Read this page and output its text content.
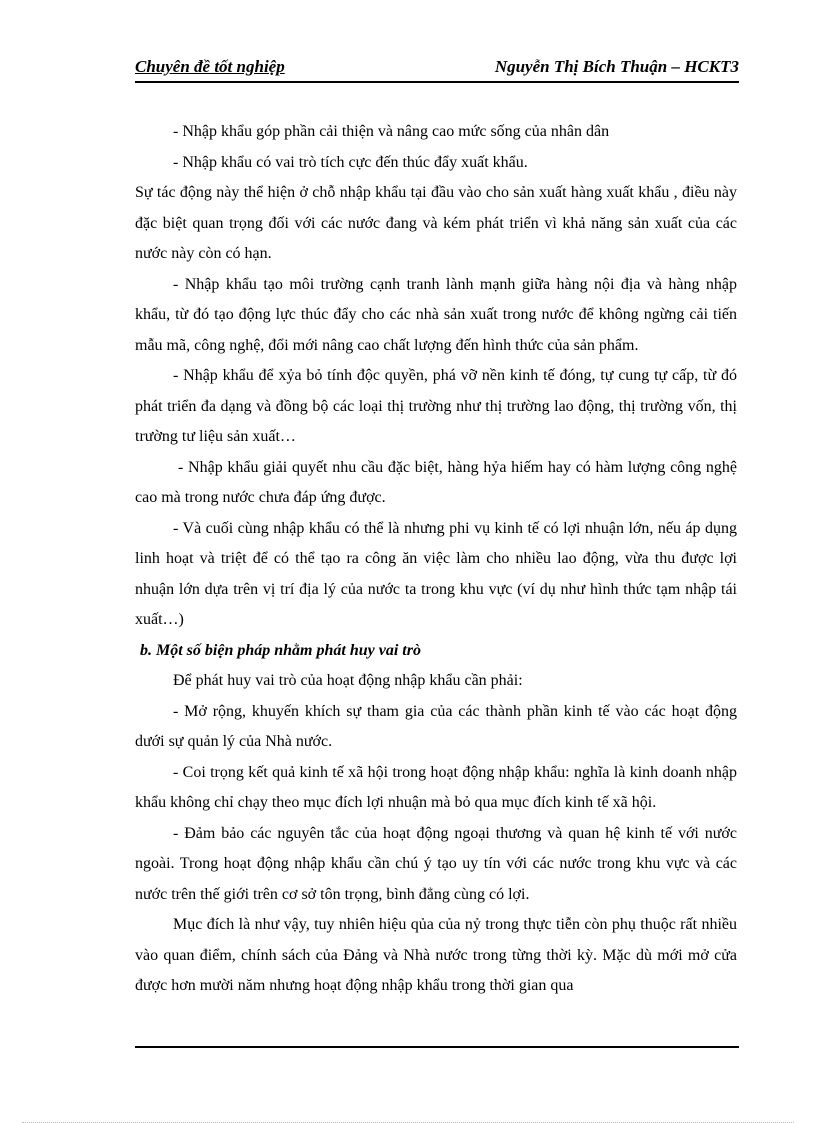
Chuyên đề tốt nghiệp	Nguyễn Thị Bích Thuận – HCKT3

- Nhập khẩu góp phần cải thiện và nâng cao mức sống của nhân dân

- Nhập khẩu có vai trò tích cực đến thúc đẩy xuất khẩu.

Sự tác động này thể hiện ở chỗ nhập khẩu tại đầu vào cho sản xuất hàng xuất khẩu , điều này đặc biệt quan trọng đối với các nước đang và kém phát triển vì khả năng sản xuất của các nước này còn có hạn.

- Nhập khẩu tạo môi trường cạnh tranh lành mạnh giữa hàng nội địa và hàng nhập khẩu, từ đó tạo động lực thúc đẩy cho các nhà sản xuất trong nước để không ngừng cải tiến mẫu mã, công nghệ, đổi mới nâng cao chất lượng đến hình thức của sản phẩm.

- Nhập khẩu để xỷa bỏ tính độc quyền, phá vỡ nền kinh tế đóng, tự cung tự cấp, từ đó phát triển đa dạng và đồng bộ các loại thị trường như thị trường lao động, thị trường vốn, thị trường tư liệu sản xuất…

- Nhập khẩu giải quyết nhu cầu đặc biệt, hàng hỷa hiếm hay có hàm lượng công nghệ cao mà trong nước chưa đáp ứng được.

- Và cuối cùng nhập khẩu có thể là nhưng phi vụ kinh tế có lợi nhuận lớn, nếu áp dụng linh hoạt và triệt để có thể tạo ra công ăn việc làm cho nhiều lao động, vừa thu được lợi nhuận lớn dựa trên vị trí địa lý của nước ta trong khu vực (ví dụ như hình thức tạm nhập tái xuất…)

b. Một số biện pháp nhằm phát huy vai trò

Để phát huy vai trò của hoạt động nhập khẩu cần phải:

- Mở rộng, khuyến khích sự tham gia của các thành phần kinh tế vào các hoạt động dưới sự quản lý của Nhà nước.

- Coi trọng kết quả kinh tế xã hội trong hoạt động nhập khẩu: nghĩa là kinh doanh nhập khẩu không chỉ chạy theo mục đích lợi nhuận mà bỏ qua mục đích kinh tế xã hội.

- Đảm bảo các nguyên tắc của hoạt động ngoại thương và quan hệ kinh tế với nước ngoài. Trong hoạt động nhập khẩu cần chú ý tạo uy tín với các nước trong khu vực và các nước trên thế giới trên cơ sở tôn trọng, bình đẳng cùng có lợi.

Mục đích là như vậy, tuy nhiên hiệu qủa của nỷ trong thực tiễn còn phụ thuộc rất nhiều vào quan điểm, chính sách của Đảng và Nhà nước trong từng thời kỳ. Mặc dù mới mở cửa được hơn mười năm nhưng hoạt động nhập khẩu trong thời gian qua
